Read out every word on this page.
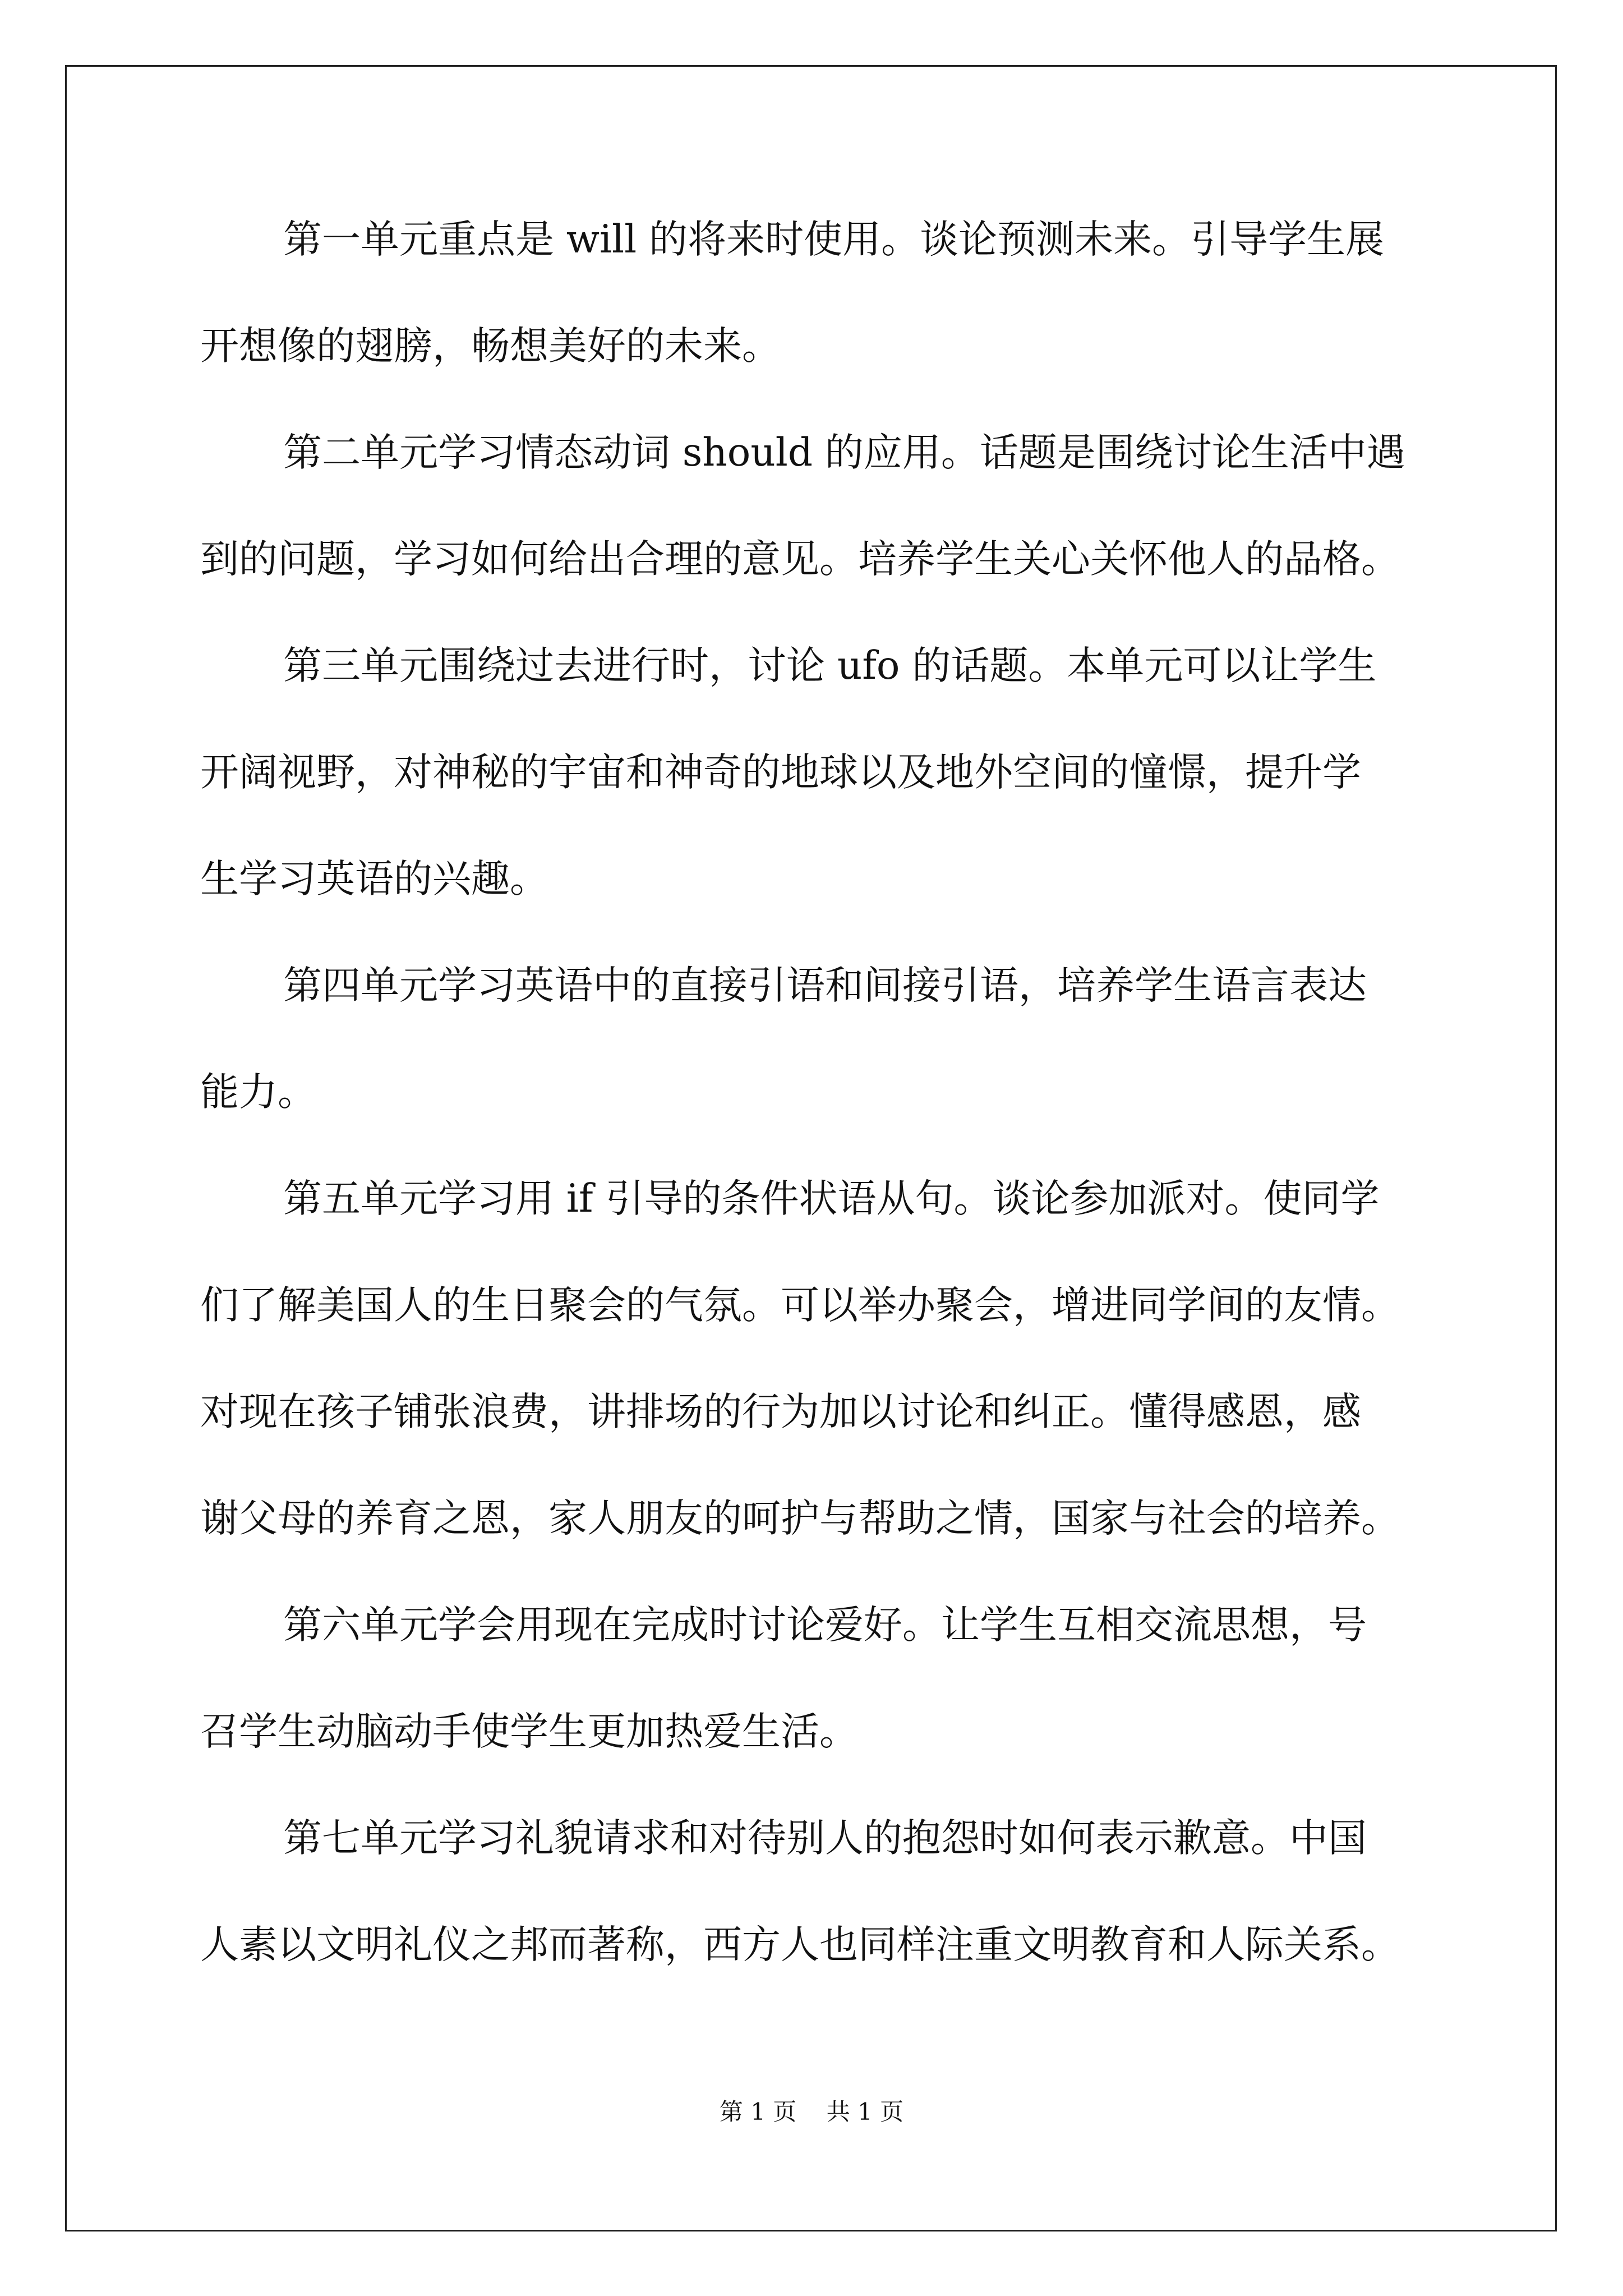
第一单元重点是 will 的将来时使用。谈论预测未来。引导学生展
开想像的翅膀，畅想美好的未来。
第二单元学习情态动词 should 的应用。话题是围绕讨论生活中遇
到的问题，学习如何给出合理的意见。培养学生关心关怀他人的品格。
第三单元围绕过去进行时，讨论 ufo 的话题。本单元可以让学生
开阔视野，对神秘的宇宙和神奇的地球以及地外空间的憧憬，提升学
生学习英语的兴趣。
第四单元学习英语中的直接引语和间接引语，培养学生语言表达
能力。
第五单元学习用 if 引导的条件状语从句。谈论参加派对。使同学
们了解美国人的生日聚会的气氛。可以举办聚会，增进同学间的友情。
对现在孩子铺张浪费，讲排场的行为加以讨论和纠正。懂得感恩，感
谢父母的养育之恩，家人朋友的呵护与帮助之情，国家与社会的培养。
第六单元学会用现在完成时讨论爱好。让学生互相交流思想，号
召学生动脑动手使学生更加热爱生活。
第七单元学习礼貌请求和对待别人的抱怨时如何表示歉意。中国
人素以文明礼仪之邦而著称，西方人也同样注重文明教育和人际关系。
第 1 页 共 1 页
